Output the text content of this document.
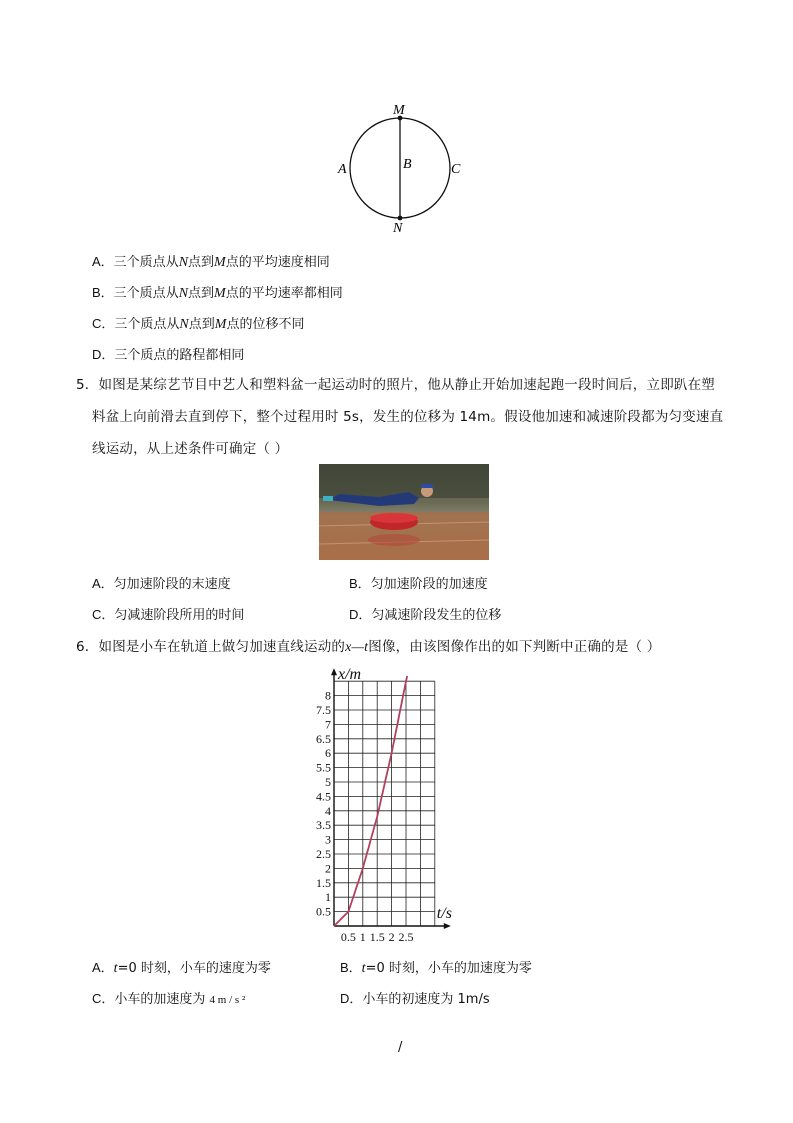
M
N
A	B	C
A．三个质点从N点到M点的平均速度相同
B．三个质点从N点到M点的平均速率都相同
C．三个质点从N点到M点的位移不同
D．三个质点的路程都相同
5．如图是某综艺节目中艺人和塑料盆一起运动时的照片，他从静止开始加速起跑一段时间后，立即趴在塑
料盆上向前滑去直到停下，整个过程用时 5s，发生的位移为 14m。假设他加速和减速阶段都为匀变速直
线运动，从上述条件可确定（ ）
A．匀加速阶段的末速度	B．匀加速阶段的加速度
C．匀减速阶段所用的时间	D．匀减速阶段发生的位移
6．如图是小车在轨道上做匀加速直线运动的x—t图像，由该图像作出的如下判断中正确的是（ ）
0.5
1
1.5
2
2.5
3
3.5
4
4.5
5
5.5
6
6.5
7
7.5
8
0.5 1 1.5 2 2.5
x/m
t/s
A．t=0 时刻，小车的速度为零	B．t=0 时刻，小车的加速度为零
C．小车的加速度为 4 m / s ²	D．小车的初速度为 1m/s
/
